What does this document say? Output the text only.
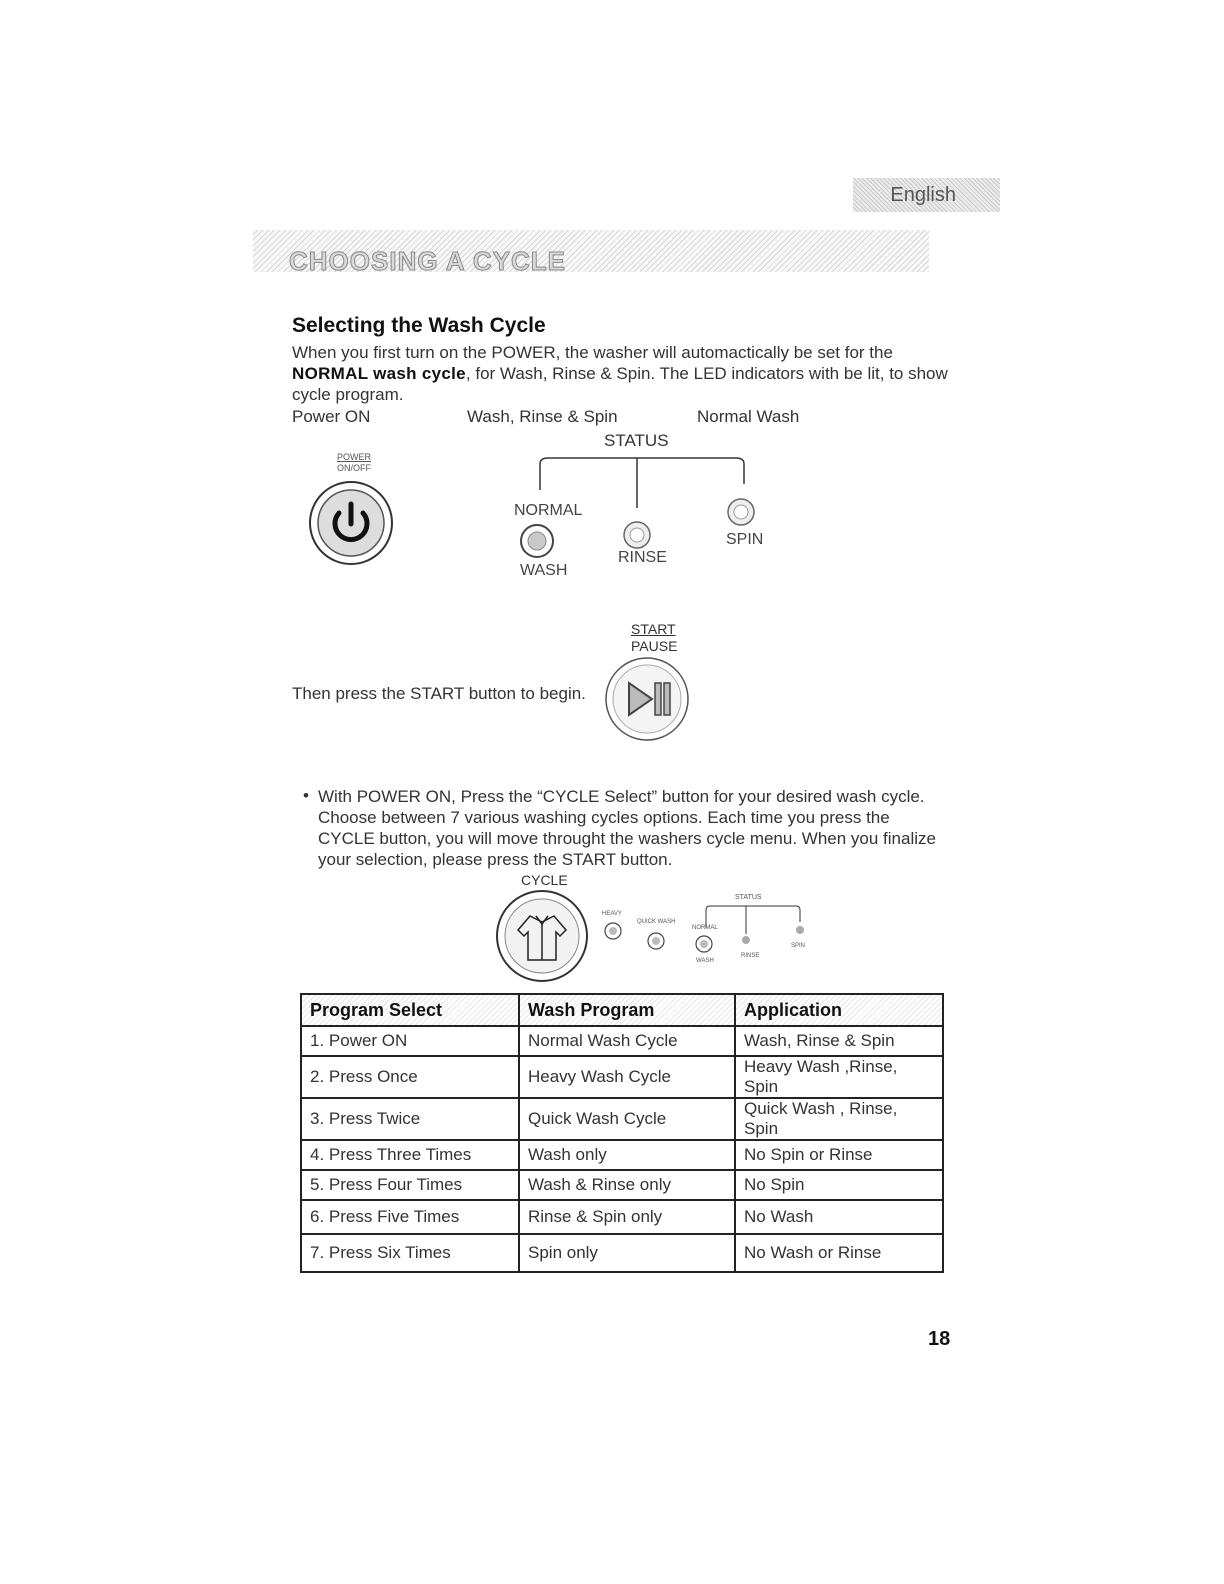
English
CHOOSING A CYCLE
Selecting the Wash Cycle
When you first turn on the POWER, the washer will automactically be set for the NORMAL wash cycle, for Wash, Rinse & Spin. The LED indicators with be lit, to show cycle program.
Power ON	Wash, Rinse & Spin	Normal Wash
STATUS
POWER
ON/OFF
NORMAL
WASH
RINSE
SPIN
START
PAUSE
Then press the START button to begin.
• With POWER ON, Press the “CYCLE Select” button for your desired wash cycle. Choose between 7 various washing cycles options. Each time you press the CYCLE button, you will move throught the washers cycle menu. When you finalize your selection, please press the START button.
CYCLE
HEAVY
QUICK WASH
NORMAL
WASH
RINSE
SPIN
STATUS
Program Select	Wash Program	Application
1. Power ON	Normal Wash Cycle	Wash, Rinse & Spin
2. Press Once	Heavy Wash Cycle	Heavy Wash ,Rinse, Spin
3. Press Twice	Quick Wash Cycle	Quick Wash , Rinse, Spin
4. Press Three Times	Wash only	No Spin or Rinse
5. Press Four Times	Wash & Rinse only	No Spin
6. Press Five Times	Rinse & Spin only	No Wash
7. Press Six Times	Spin only	No Wash or Rinse
18
